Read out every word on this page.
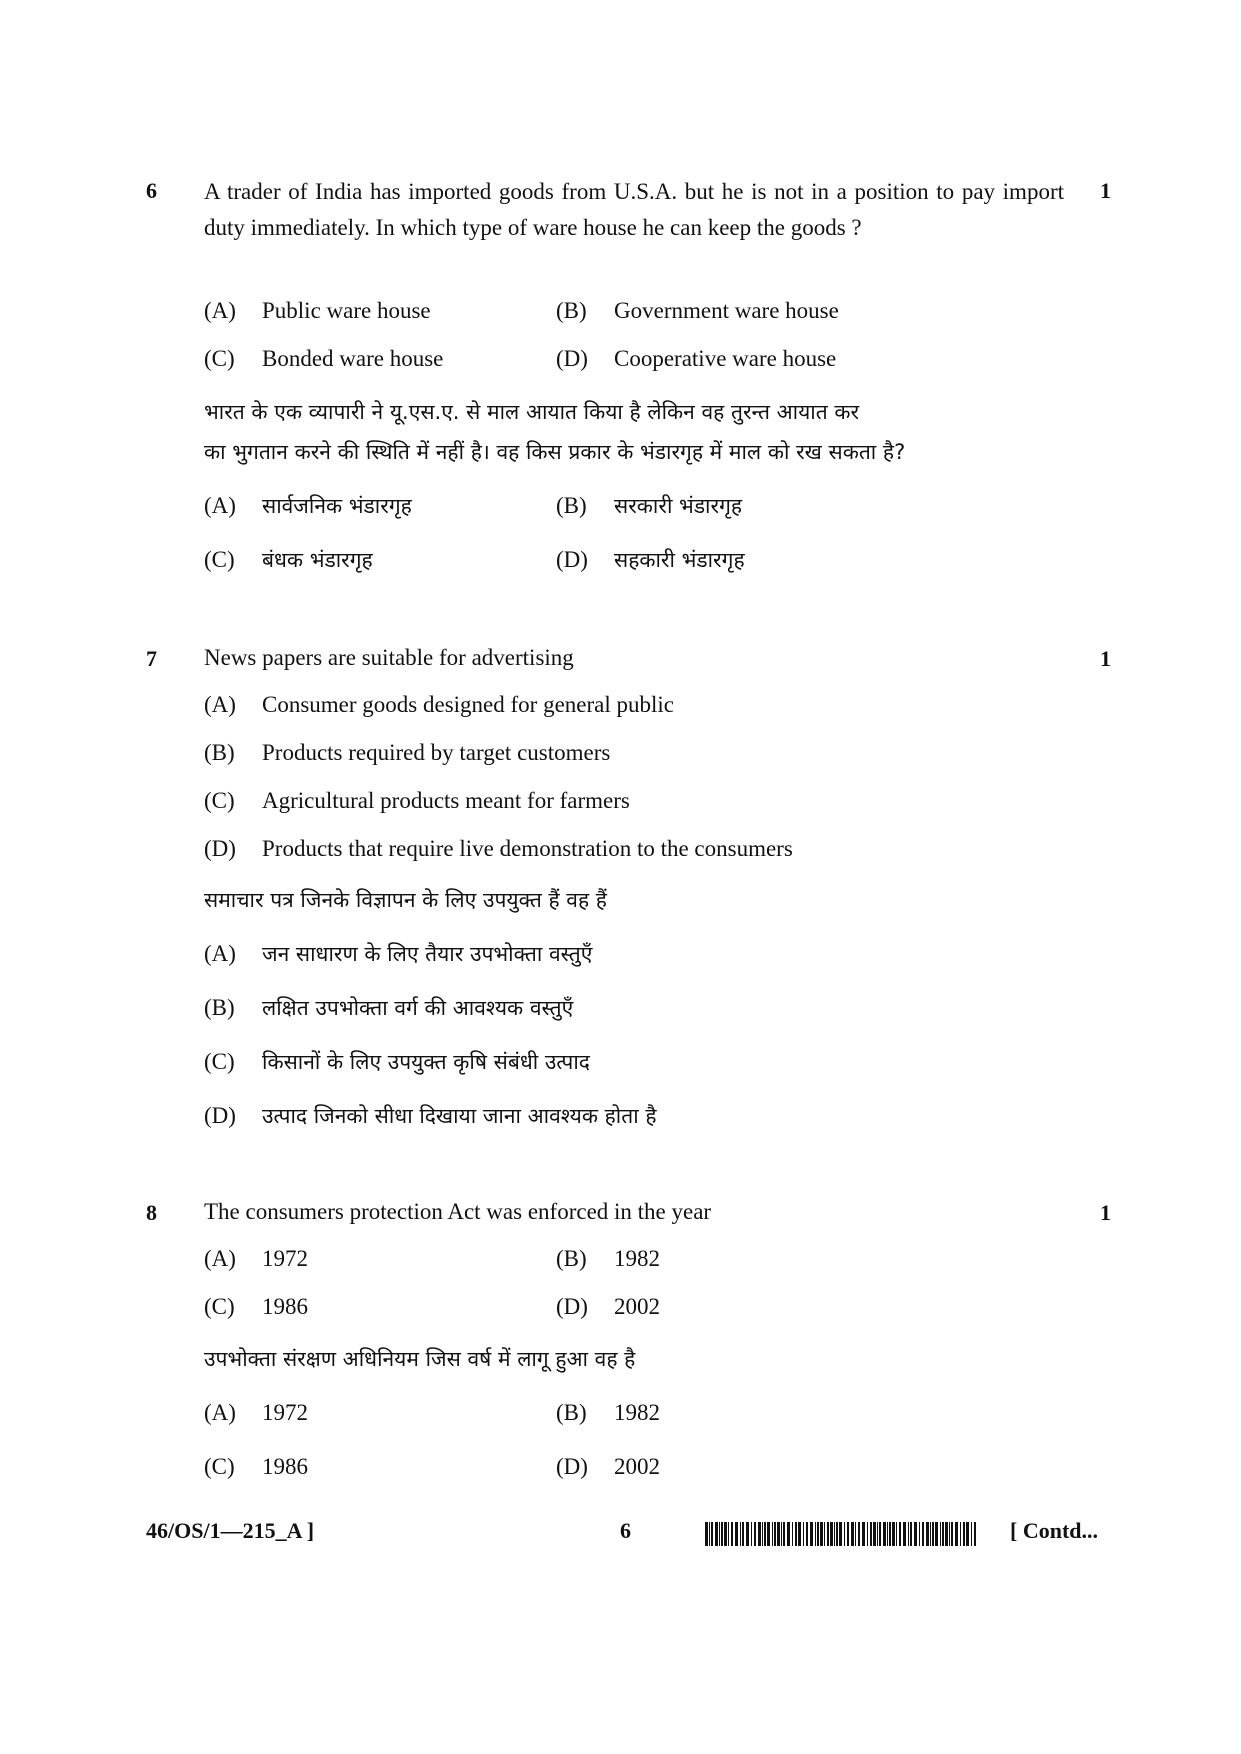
6	1
A trader of India has imported goods from U.S.A. but he is not in a position to pay import duty immediately. In which type of ware house he can keep the goods ?
(A) Public ware house	(B) Government ware house
(C) Bonded ware house	(D) Cooperative ware house
भारत के एक व्यापारी ने यू.एस.ए. से माल आयात किया है लेकिन वह तुरन्त आयात कर
का भुगतान करने की स्थिति में नहीं है। वह किस प्रकार के भंडारगृह में माल को रख सकता है?
(A) सार्वजनिक भंडारगृह	(B) सरकारी भंडारगृह
(C) बंधक भंडारगृह	(D) सहकारी भंडारगृह
7	1
News papers are suitable for advertising
(A) Consumer goods designed for general public
(B) Products required by target customers
(C) Agricultural products meant for farmers
(D) Products that require live demonstration to the consumers
समाचार पत्र जिनके विज्ञापन के लिए उपयुक्त हैं वह हैं
(A) जन साधारण के लिए तैयार उपभोक्ता वस्तुएँ
(B) लक्षित उपभोक्ता वर्ग की आवश्यक वस्तुएँ
(C) किसानों के लिए उपयुक्त कृषि संबंधी उत्पाद
(D) उत्पाद जिनको सीधा दिखाया जाना आवश्यक होता है
8	1
The consumers protection Act was enforced in the year
(A) 1972	(B) 1982
(C) 1986	(D) 2002
उपभोक्ता संरक्षण अधिनियम जिस वर्ष में लागू हुआ वह है
(A) 1972	(B) 1982
(C) 1986	(D) 2002
46/OS/1—215_A ]	6	[ Contd...
